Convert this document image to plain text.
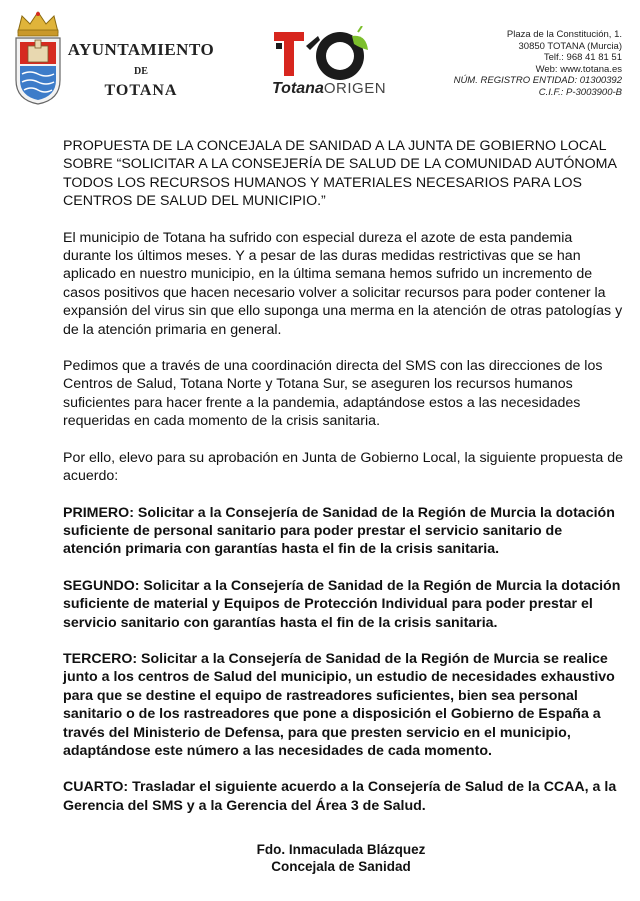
AYUNTAMIENTO
DE
TOTANA	TotanaORIGEN
Plaza de la Constitución, 1.
30850 TOTANA (Murcia)
Telf.: 968 41 81 51
Web: www.totana.es
NÚM. REGISTRO ENTIDAD: 01300392
C.I.F.: P-3003900-B

PROPUESTA DE LA CONCEJALA DE SANIDAD A LA JUNTA DE GOBIERNO LOCAL SOBRE “SOLICITAR A LA CONSEJERÍA DE SALUD DE LA COMUNIDAD AUTÓNOMA TODOS LOS RECURSOS HUMANOS Y MATERIALES NECESARIOS PARA LOS CENTROS DE SALUD DEL MUNICIPIO.”

El municipio de Totana ha sufrido con especial dureza el azote de esta pandemia durante los últimos meses. Y a pesar de las duras medidas restrictivas que se han aplicado en nuestro municipio, en la última semana hemos sufrido un incremento de casos positivos que hacen necesario volver a solicitar recursos para poder contener la expansión del virus sin que ello suponga una merma en la atención de otras patologías y de la atención primaria en general.

Pedimos que a través de una coordinación directa del SMS con las direcciones de los Centros de Salud, Totana Norte y Totana Sur, se aseguren los recursos humanos suficientes para hacer frente a la pandemia, adaptándose estos a las necesidades requeridas en cada momento de la crisis sanitaria.

Por ello, elevo para su aprobación en Junta de Gobierno Local, la siguiente propuesta de acuerdo:

PRIMERO: Solicitar a la Consejería de Sanidad de la Región de Murcia la dotación suficiente de personal sanitario para poder prestar el servicio sanitario de atención primaria con garantías hasta el fin de la crisis sanitaria.

SEGUNDO: Solicitar a la Consejería de Sanidad de la Región de Murcia la dotación suficiente de material y Equipos de Protección Individual para poder prestar el servicio sanitario con garantías hasta el fin de la crisis sanitaria.

TERCERO: Solicitar a la Consejería de Sanidad de la Región de Murcia se realice junto a los centros de Salud del municipio, un estudio de necesidades exhaustivo para que se destine el equipo de rastreadores suficientes, bien sea personal sanitario o de los rastreadores que pone a disposición el Gobierno de España a través del Ministerio de Defensa, para que presten servicio en el municipio, adaptándose este número a las necesidades de cada momento.

CUARTO: Trasladar el siguiente acuerdo a la Consejería de Salud de la CCAA, a la Gerencia del SMS y a la Gerencia del Área 3 de Salud.

Fdo. Inmaculada Blázquez
Concejala de Sanidad
